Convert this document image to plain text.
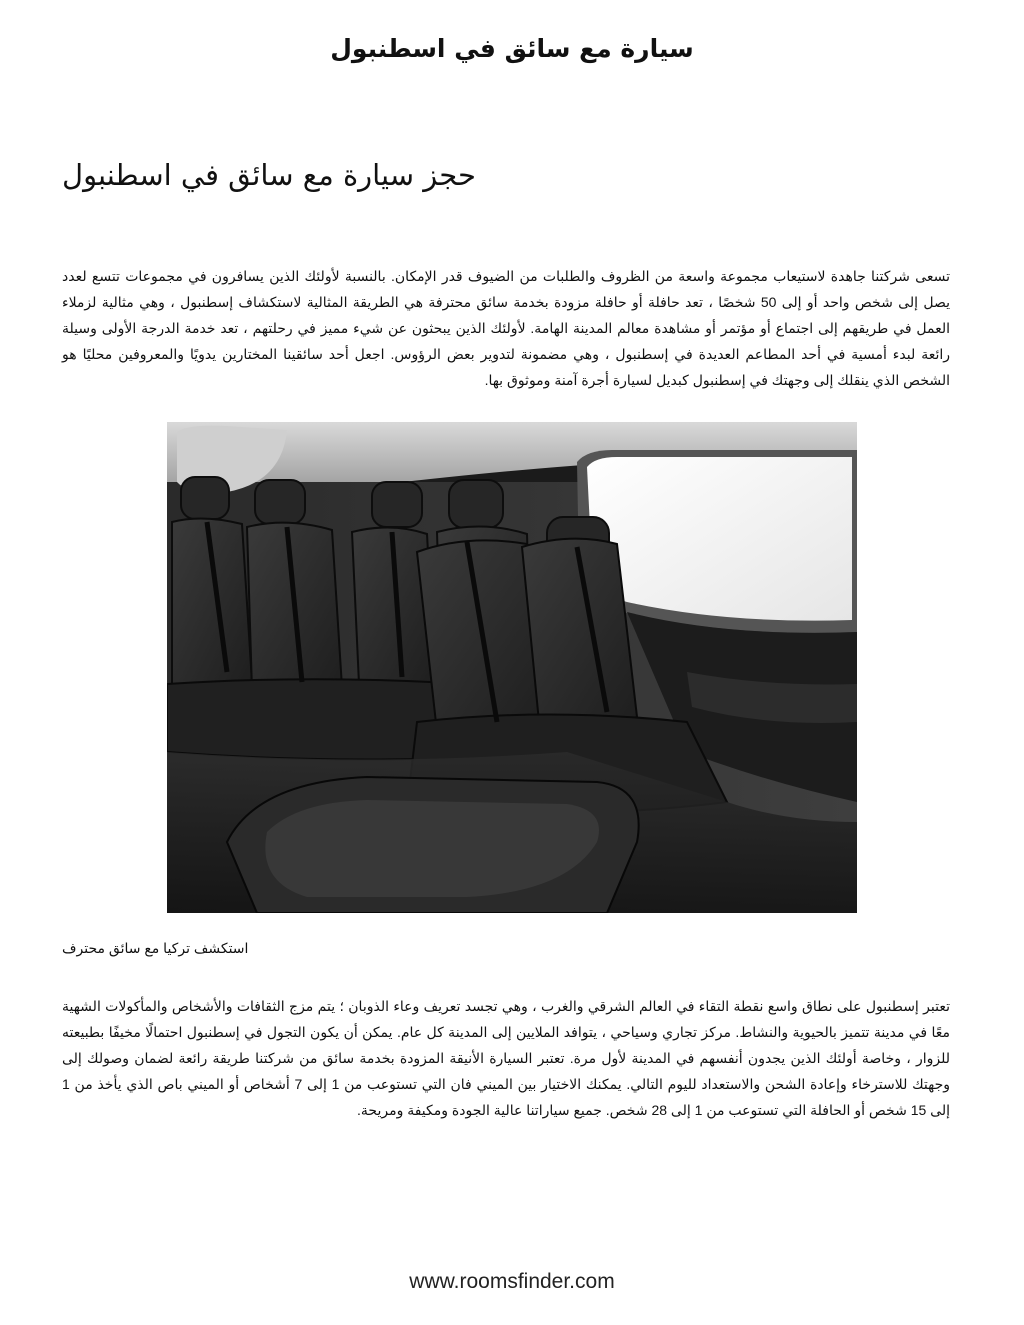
سيارة مع سائق في اسطنبول
حجز سيارة مع سائق في اسطنبول

تسعى شركتنا جاهدة لاستيعاب مجموعة واسعة من الظروف والطلبات من الضيوف قدر الإمكان. بالنسبة لأولئك الذين يسافرون في مجموعات تتسع لعدد يصل إلى شخص واحد أو إلى 50 شخصًا ، تعد حافلة أو حافلة مزودة بخدمة سائق محترفة هي الطريقة المثالية لاستكشاف إسطنبول ، وهي مثالية لزملاء العمل في طريقهم إلى اجتماع أو مؤتمر أو مشاهدة معالم المدينة الهامة. لأولئك الذين يبحثون عن شيء مميز في رحلتهم ، تعد خدمة الدرجة الأولى وسيلة رائعة لبدء أمسية في أحد المطاعم العديدة في إسطنبول ، وهي مضمونة لتدوير بعض الرؤوس. اجعل أحد سائقينا المختارين يدويًا والمعروفين محليًا هو الشخص الذي ينقلك إلى وجهتك في إسطنبول كبديل لسيارة أجرة آمنة وموثوق بها.

استكشف تركيا مع سائق محترف

تعتبر إسطنبول على نطاق واسع نقطة التقاء في العالم الشرقي والغرب ، وهي تجسد تعريف وعاء الذوبان ؛ يتم مزج الثقافات والأشخاص والمأكولات الشهية معًا في مدينة تتميز بالحيوية والنشاط. مركز تجاري وسياحي ، يتوافد الملايين إلى المدينة كل عام. يمكن أن يكون التجول في إسطنبول احتمالًا مخيفًا بطبيعته للزوار ، وخاصة أولئك الذين يجدون أنفسهم في المدينة لأول مرة. تعتبر السيارة الأنيقة المزودة بخدمة سائق من شركتنا طريقة رائعة لضمان وصولك إلى وجهتك للاسترخاء وإعادة الشحن والاستعداد لليوم التالي. يمكنك الاختيار بين الميني فان التي تستوعب من 1 إلى 7 أشخاص أو الميني باص الذي يأخذ من 1 إلى 15 شخص أو الحافلة التي تستوعب من 1 إلى 28 شخص. جميع سياراتنا عالية الجودة ومكيفة ومريحة.

www.roomsfinder.com
